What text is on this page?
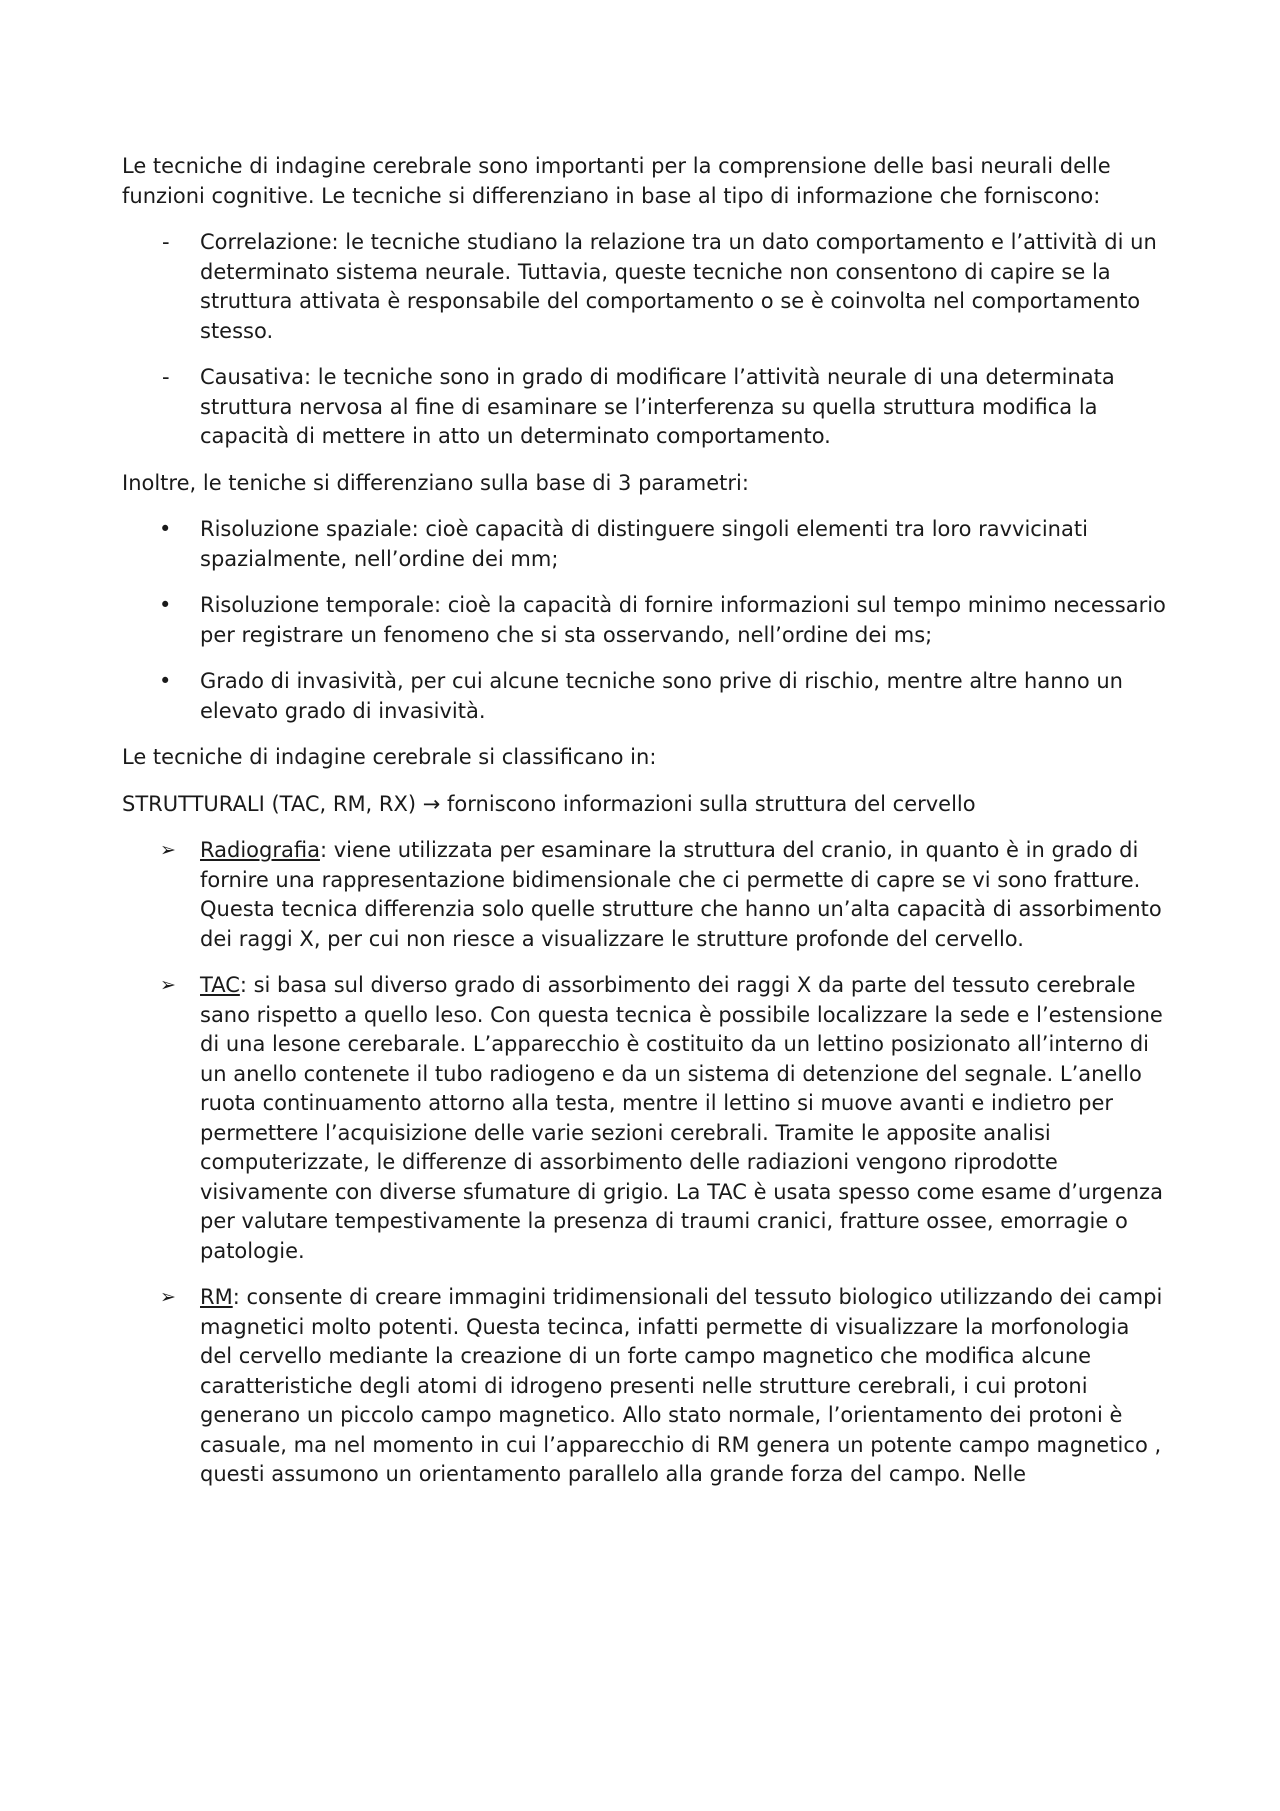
Le tecniche di indagine cerebrale sono importanti per la comprensione delle basi neurali delle funzioni cognitive. Le tecniche si differenziano in base al tipo di informazione che forniscono:

-	Correlazione: le tecniche studiano la relazione tra un dato comportamento e l’attività di un determinato sistema neurale. Tuttavia, queste tecniche non consentono di capire se la struttura attivata è responsabile del comportamento o se è coinvolta nel comportamento stesso.
-	Causativa: le tecniche sono in grado di modificare l’attività neurale di una determinata struttura nervosa al fine di esaminare se l’interferenza su quella struttura modifica la capacità di mettere in atto un determinato comportamento.

Inoltre, le teniche si differenziano sulla base di 3 parametri:

•	Risoluzione spaziale: cioè capacità di distinguere singoli elementi tra loro ravvicinati spazialmente, nell’ordine dei mm;
•	Risoluzione temporale: cioè la capacità di fornire informazioni sul tempo minimo necessario per registrare un fenomeno che si sta osservando, nell’ordine dei ms;
•	Grado di invasività, per cui alcune tecniche sono prive di rischio, mentre altre hanno un elevato grado di invasività.

Le tecniche di indagine cerebrale si classificano in:

STRUTTURALI (TAC, RM, RX) → forniscono informazioni sulla struttura del cervello

➢	Radiografia: viene utilizzata per esaminare la struttura del cranio, in quanto è in grado di fornire una rappresentazione bidimensionale che ci permette di capre se vi sono fratture. Questa tecnica differenzia solo quelle strutture che hanno un’alta capacità di assorbimento dei raggi X, per cui non riesce a visualizzare le strutture profonde del cervello.
➢	TAC: si basa sul diverso grado di assorbimento dei raggi X da parte del tessuto cerebrale sano rispetto a quello leso. Con questa tecnica è possibile localizzare la sede e l’estensione di una lesone cerebarale. L’apparecchio è costituito da un lettino posizionato all’interno di un anello contenete il tubo radiogeno e da un sistema di detenzione del segnale. L’anello ruota continuamento attorno alla testa, mentre il lettino si muove avanti e indietro per permettere l’acquisizione delle varie sezioni cerebrali. Tramite le apposite analisi computerizzate, le differenze di assorbimento delle radiazioni vengono riprodotte visivamente con diverse sfumature di grigio. La TAC è usata spesso come esame d’urgenza per valutare tempestivamente la presenza di traumi cranici, fratture ossee, emorragie o patologie.
➢	RM: consente di creare immagini tridimensionali del tessuto biologico utilizzando dei campi magnetici molto potenti. Questa tecinca, infatti permette di visualizzare la morfonologia del cervello mediante la creazione di un forte campo magnetico che modifica alcune caratteristiche degli atomi di idrogeno presenti nelle strutture cerebrali, i cui protoni generano un piccolo campo magnetico. Allo stato normale, l’orientamento dei protoni è casuale, ma nel momento in cui l’apparecchio di RM genera un potente campo magnetico , questi assumono un orientamento parallelo alla grande forza del campo. Nelle
